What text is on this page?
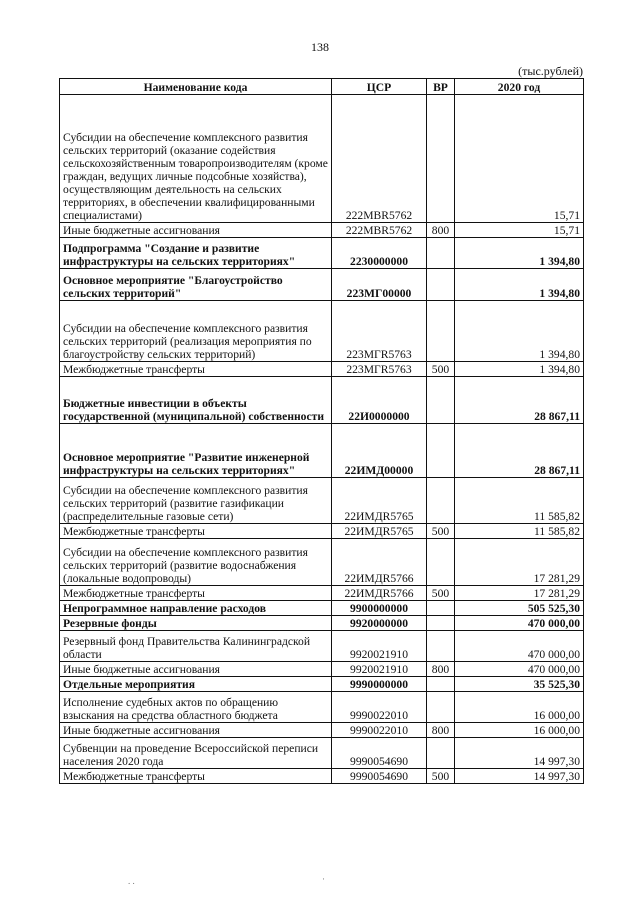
138
(тыс.рублей)
Наименование кода	ЦСР	ВР	2020 год
Субсидии на обеспечение комплексного развития сельских территорий (оказание содействия сельскохозяйственным товаропроизводителям (кроме граждан, ведущих личные подсобные хозяйства), осуществляющим деятельность на сельских территориях, в обеспечении квалифицированными специалистами)	222МВR5762		15,71
Иные бюджетные ассигнования	222МВR5762	800	15,71
Подпрограмма "Создание и развитие инфраструктуры на сельских территориях"	2230000000		1 394,80
Основное мероприятие "Благоустройство сельских территорий"	223МГ00000		1 394,80
Субсидии на обеспечение комплексного развития сельских территорий (реализация мероприятия по благоустройству сельских территорий)	223МГR5763		1 394,80
Межбюджетные трансферты	223МГR5763	500	1 394,80
Бюджетные инвестиции в объекты государственной (муниципальной) собственности	22И0000000		28 867,11
Основное мероприятие "Развитие инженерной инфраструктуры на сельских территориях"	22ИМД00000		28 867,11
Субсидии на обеспечение комплексного развития сельских территорий (развитие газификации (распределительные газовые сети)	22ИМДR5765		11 585,82
Межбюджетные трансферты	22ИМДR5765	500	11 585,82
Субсидии на обеспечение комплексного развития сельских территорий (развитие водоснабжения (локальные водопроводы)	22ИМДR5766		17 281,29
Межбюджетные трансферты	22ИМДR5766	500	17 281,29
Непрограммное направление расходов	9900000000		505 525,30
Резервные фонды	9920000000		470 000,00
Резервный фонд Правительства Калининградской области	9920021910		470 000,00
Иные бюджетные ассигнования	9920021910	800	470 000,00
Отдельные мероприятия	9990000000		35 525,30
Исполнение судебных актов по обращению взыскания на средства областного бюджета	9990022010		16 000,00
Иные бюджетные ассигнования	9990022010	800	16 000,00
Субвенции на проведение Всероссийской переписи населения 2020 года	9990054690		14 997,30
Межбюджетные трансферты	9990054690	500	14 997,30
. .	·
